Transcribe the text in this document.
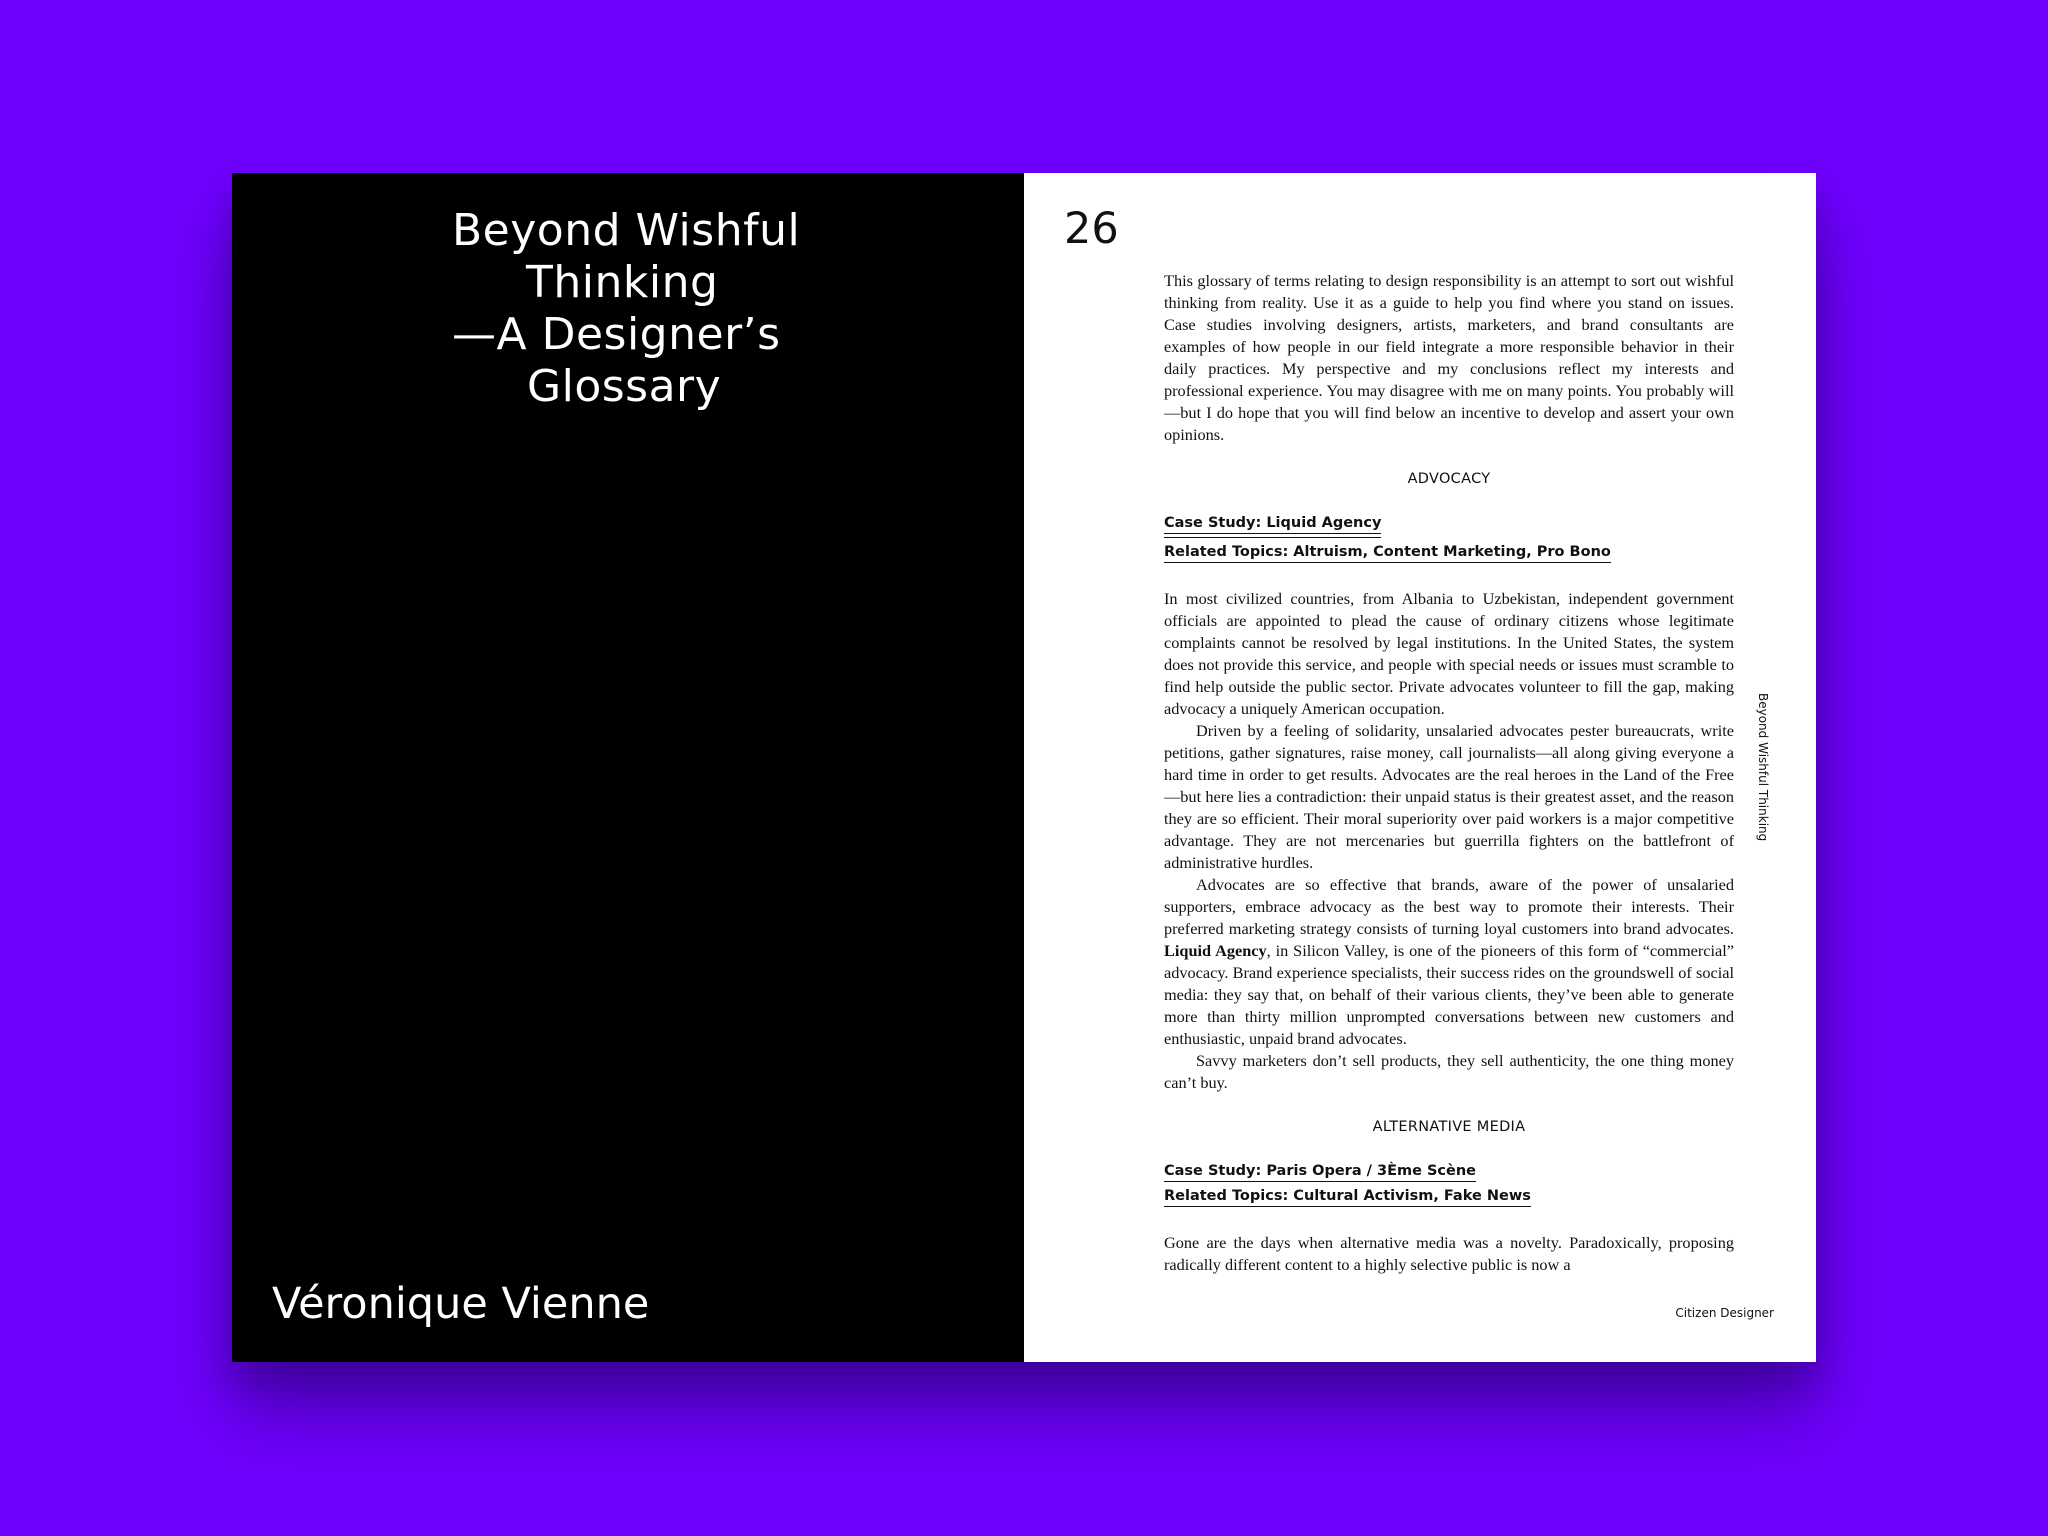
Beyond Wishful
Thinking
—A Designer’s
Glossary
Véronique Vienne
26

This glossary of terms relating to design responsibility is an attempt to sort out wishful thinking from reality. Use it as a guide to help you find where you stand on issues. Case studies involving designers, artists, marketers, and brand consultants are examples of how people in our field integrate a more responsible behavior in their daily practices. My perspective and my conclusions reflect my interests and professional experience. You may disagree with me on many points. You probably will—but I do hope that you will find below an incentive to develop and assert your own opinions.

ADVOCACY
Case Study: Liquid Agency
Related Topics: Altruism, Content Marketing, Pro Bono

In most civilized countries, from Albania to Uzbekistan, independent government officials are appointed to plead the cause of ordinary citizens whose legitimate complaints cannot be resolved by legal institutions. In the United States, the system does not provide this service, and people with special needs or issues must scramble to find help outside the public sector. Private advocates volunteer to fill the gap, making advocacy a uniquely American occupation.

Driven by a feeling of solidarity, unsalaried advocates pester bureaucrats, write petitions, gather signatures, raise money, call journalists—all along giving everyone a hard time in order to get results. Advocates are the real heroes in the Land of the Free—but here lies a contradiction: their unpaid status is their greatest asset, and the reason they are so efficient. Their moral superiority over paid workers is a major competitive advantage. They are not mercenaries but guerrilla fighters on the battlefront of administrative hurdles.

Advocates are so effective that brands, aware of the power of unsalaried supporters, embrace advocacy as the best way to promote their interests. Their preferred marketing strategy consists of turning loyal customers into brand advocates. Liquid Agency, in Silicon Valley, is one of the pioneers of this form of “commercial” advocacy. Brand experience specialists, their success rides on the groundswell of social media: they say that, on behalf of their various clients, they’ve been able to generate more than thirty million unprompted conversations between new customers and enthusiastic, unpaid brand advocates.

Savvy marketers don’t sell products, they sell authenticity, the one thing money can’t buy.

ALTERNATIVE MEDIA
Case Study: Paris Opera / 3Ème Scène
Related Topics: Cultural Activism, Fake News

Gone are the days when alternative media was a novelty. Paradoxically, proposing radically different content to a highly selective public is now a

Beyond Wishful Thinking
Citizen Designer
